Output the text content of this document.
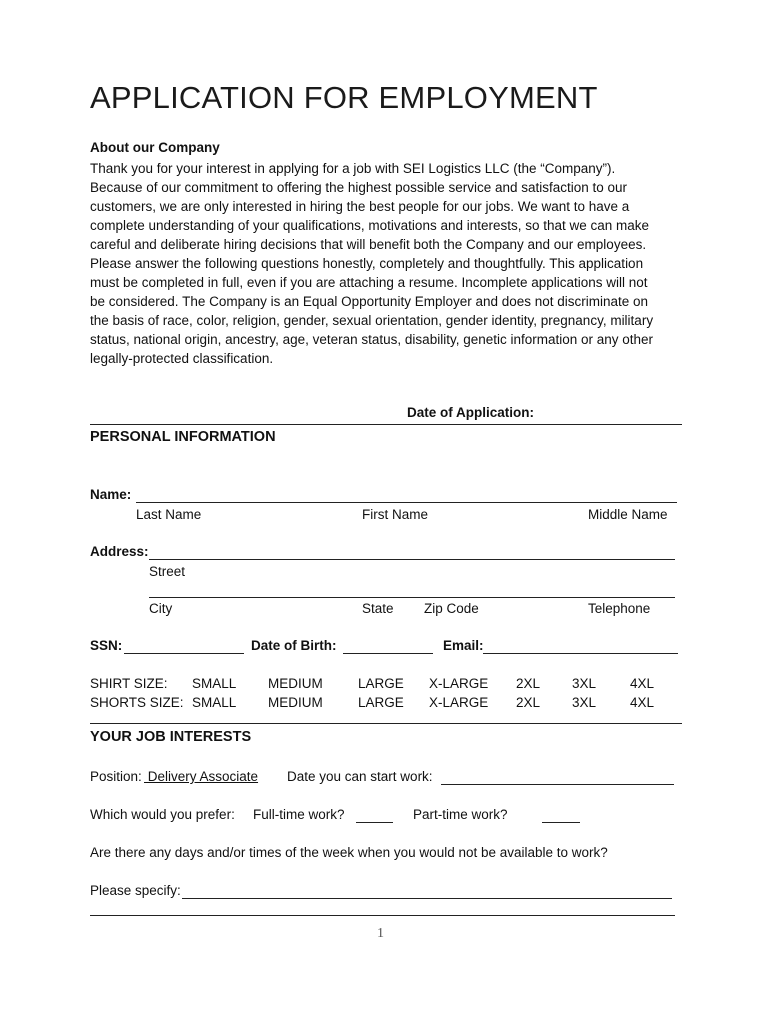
APPLICATION FOR EMPLOYMENT
About our Company
Thank you for your interest in applying for a job with SEI Logistics LLC (the “Company”).
Because of our commitment to offering the highest possible service and satisfaction to our
customers, we are only interested in hiring the best people for our jobs. We want to have a
complete understanding of your qualifications, motivations and interests, so that we can make
careful and deliberate hiring decisions that will benefit both the Company and our employees.
Please answer the following questions honestly, completely and thoughtfully. This application
must be completed in full, even if you are attaching a resume. Incomplete applications will not
be considered. The Company is an Equal Opportunity Employer and does not discriminate on
the basis of race, color, religion, gender, sexual orientation, gender identity, pregnancy, military
status, national origin, ancestry, age, veteran status, disability, genetic information or any other
legally-protected classification.
Date of Application:
PERSONAL INFORMATION
Name:
Last Name	First Name	Middle Name
Address:
Street
City	State Zip Code	Telephone
SSN:	Date of Birth:	Email:
SHIRT SIZE: SMALL MEDIUM	LARGE X-LARGE 2XL 3XL	4XL
SHORTS SIZE: SMALL MEDIUM	LARGE X-LARGE 2XL 3XL	4XL
YOUR JOB INTERESTS
Position: Delivery Associate Date you can start work:
Which would you prefer: Full-time work?	Part-time work?
Are there any days and/or times of the week when you would not be available to work?
Please specify:
1
